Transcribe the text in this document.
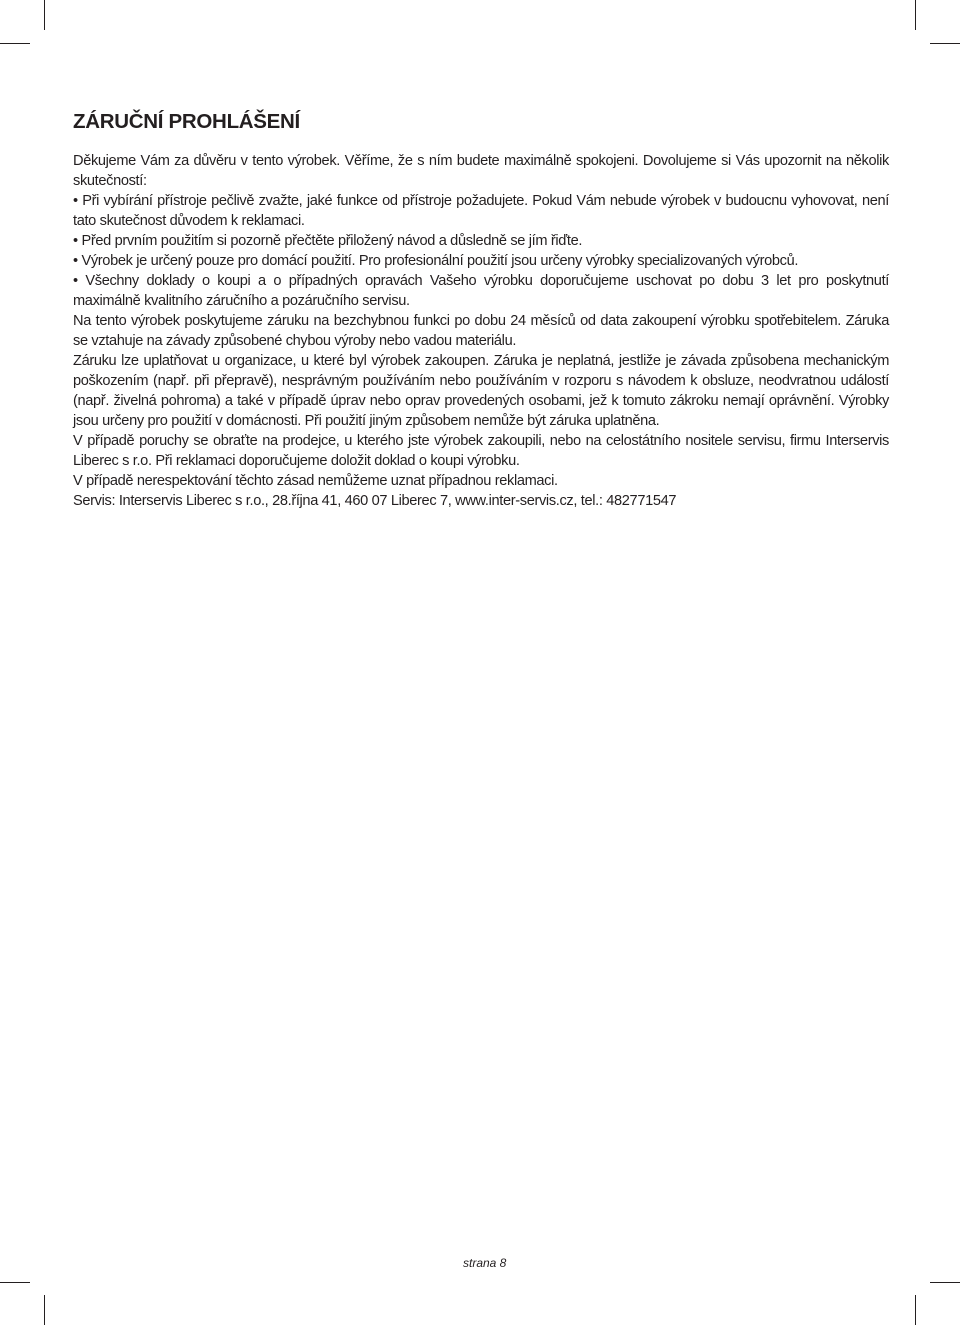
ZÁRUČNÍ PROHLÁŠENÍ

Děkujeme Vám za důvěru v tento výrobek. Věříme, že s ním budete maximálně spokojeni. Dovolujeme si Vás upozornit na několik skutečností:

• Při vybírání přístroje pečlivě zvažte, jaké funkce od přístroje požadujete. Pokud Vám nebude výrobek v budoucnu vyhovovat, není tato skutečnost důvodem k reklamaci.

• Před prvním použitím si pozorně přečtěte přiložený návod a důsledně se jím řiďte.

• Výrobek je určený pouze pro domácí použití. Pro profesionální použití jsou určeny výrobky specializovaných výrobců.

• Všechny doklady o koupi a o případných opravách Vašeho výrobku doporučujeme uschovat po dobu 3 let pro poskytnutí maximálně kvalitního záručního a pozáručního servisu.

Na tento výrobek poskytujeme záruku na bezchybnou funkci po dobu 24 měsíců od data zakoupení výrobku spotřebitelem. Záruka se vztahuje na závady způsobené chybou výroby nebo vadou materiálu.

Záruku lze uplatňovat u organizace, u které byl výrobek zakoupen. Záruka je neplatná, jestliže je závada způsobena mechanickým poškozením (např. při přepravě), nesprávným používáním nebo používáním v rozporu s návodem k obsluze, neodvratnou událostí (např. živelná pohroma) a také v případě úprav nebo oprav provedených osobami, jež k tomuto zákroku nemají oprávnění. Výrobky jsou určeny pro použití v domácnosti. Při použití jiným způsobem nemůže být záruka uplatněna.

V případě poruchy se obraťte na prodejce, u kterého jste výrobek zakoupili, nebo na celostátního nositele servisu, firmu Interservis Liberec s r.o. Při reklamaci doporučujeme doložit doklad o koupi výrobku.

V případě nerespektování těchto zásad nemůžeme uznat případnou reklamaci.

Servis: Interservis Liberec s r.o., 28.října 41, 460 07 Liberec 7, www.inter-servis.cz, tel.: 482771547

strana 8
